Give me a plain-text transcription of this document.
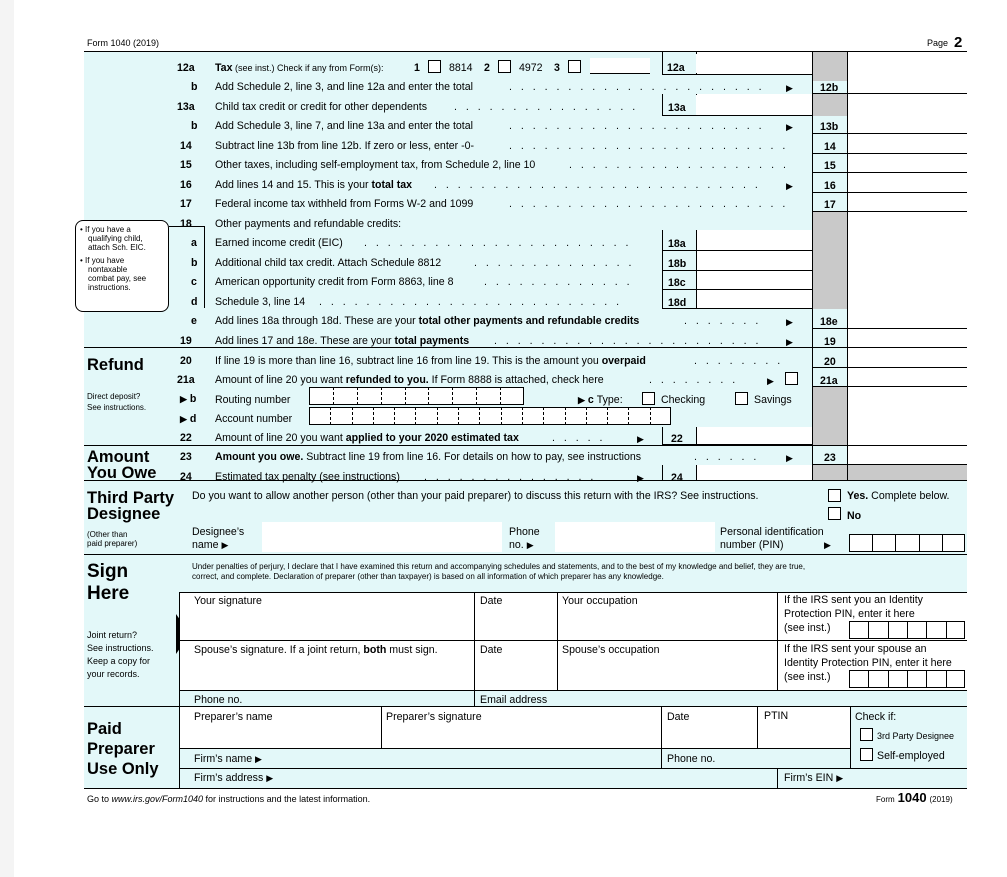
Form 1040 (2019)	Page 2
12a Tax (see inst.) Check if any from Form(s):	1	8814 2	4972 3	12a
b Add Schedule 2, line 3, and line 12a and enter the total	. . . . . . . . . . . . . . . . . . . . . .	▶	12b
13a Child tax credit or credit for other dependents	. . . . . . . . . . . . . . . .	13a
b Add Schedule 3, line 7, and line 13a and enter the total	. . . . . . . . . . . . . . . . . . . . . .	▶	13b
14 Subtract line 13b from line 12b. If zero or less, enter -0-	. . . . . . . . . . . . . . . . . . . . . . . .	14
15 Other taxes, including self-employment tax, from Schedule 2, line 10	. . . . . . . . . . . . . . . . . . .	15
16 Add lines 14 and 15. This is your total tax . . . . . . . . . . . . . . . . . . . . . . . . . . . .	▶	16
17 Federal income tax withheld from Forms W-2 and 1099	. . . . . . . . . . . . . . . . . . . . . . . .	17
• If you have a
qualifying child,
attach Sch. EIC.
• If you have
nontaxable
combat pay, see
instructions.
18 Other payments and refundable credits:
a Earned income credit (EIC) . . . . . . . . . . . . . . . . . . . . . . .	18a
b Additional child tax credit. Attach Schedule 8812	. . . . . . . . . . . . . .	18b
c American opportunity credit from Form 8863, line 8	. . . . . . . . . . . . .	18c
d Schedule 3, line 14 . . . . . . . . . . . . . . . . . . . . . . . . . .	18d
e Add lines 18a through 18d. These are your total other payments and refundable credits	. . . . . . .	▶	18e
19 Add lines 17 and 18e. These are your total payments . . . . . . . . . . . . . . . . . . . . . . .	▶	19
Refund
Direct deposit?
See instructions.
20 If line 19 is more than line 16, subtract line 16 from line 19. This is the amount you overpaid	. . . . . . . .	20
21a Amount of line 20 you want refunded to you. If Form 8888 is attached, check here	. . . . . . . .	▶	21a
▶ b Routing number	▶ c Type:	Checking	Savings
▶ d Account number
22 Amount of line 20 you want applied to your 2020 estimated tax	. . . . .	▶	22
Amount
You Owe
23 Amount you owe. Subtract line 19 from line 16. For details on how to pay, see instructions	. . . . . .	▶	23
24 Estimated tax penalty (see instructions) . . . . . . . . . . . . . . .	▶	24
Third Party
Designee
(Other than
paid preparer)
Do you want to allow another person (other than your paid preparer) to discuss this return with the IRS? See instructions.	Yes. Complete below.
No
Designee’s
name ▶
Phone
no. ▶
Personal identification
number (PIN)	▶
Sign
Here
Joint return?
See instructions.
Keep a copy for
your records.
Under penalties of perjury, I declare that I have examined this return and accompanying schedules and statements, and to the best of my knowledge and belief, they are true,
correct, and complete. Declaration of preparer (other than taxpayer) is based on all information of which preparer has any knowledge.
Your signature	Date	Your occupation	If the IRS sent you an Identity
Protection PIN, enter it here
(see inst.)
Spouse’s signature. If a joint return, both must sign.	Date	Spouse’s occupation	If the IRS sent your spouse an
Identity Protection PIN, enter it here
(see inst.)
Phone no.	Email address
Paid
Preparer
Use Only
Preparer’s name	Preparer’s signature	Date	PTIN	Check if:
3rd Party Designee
Self-employed
Firm’s name ▶	Phone no.
Firm’s address ▶	Firm’s EIN ▶
Go to www.irs.gov/Form1040 for instructions and the latest information.	Form 1040 (2019)
